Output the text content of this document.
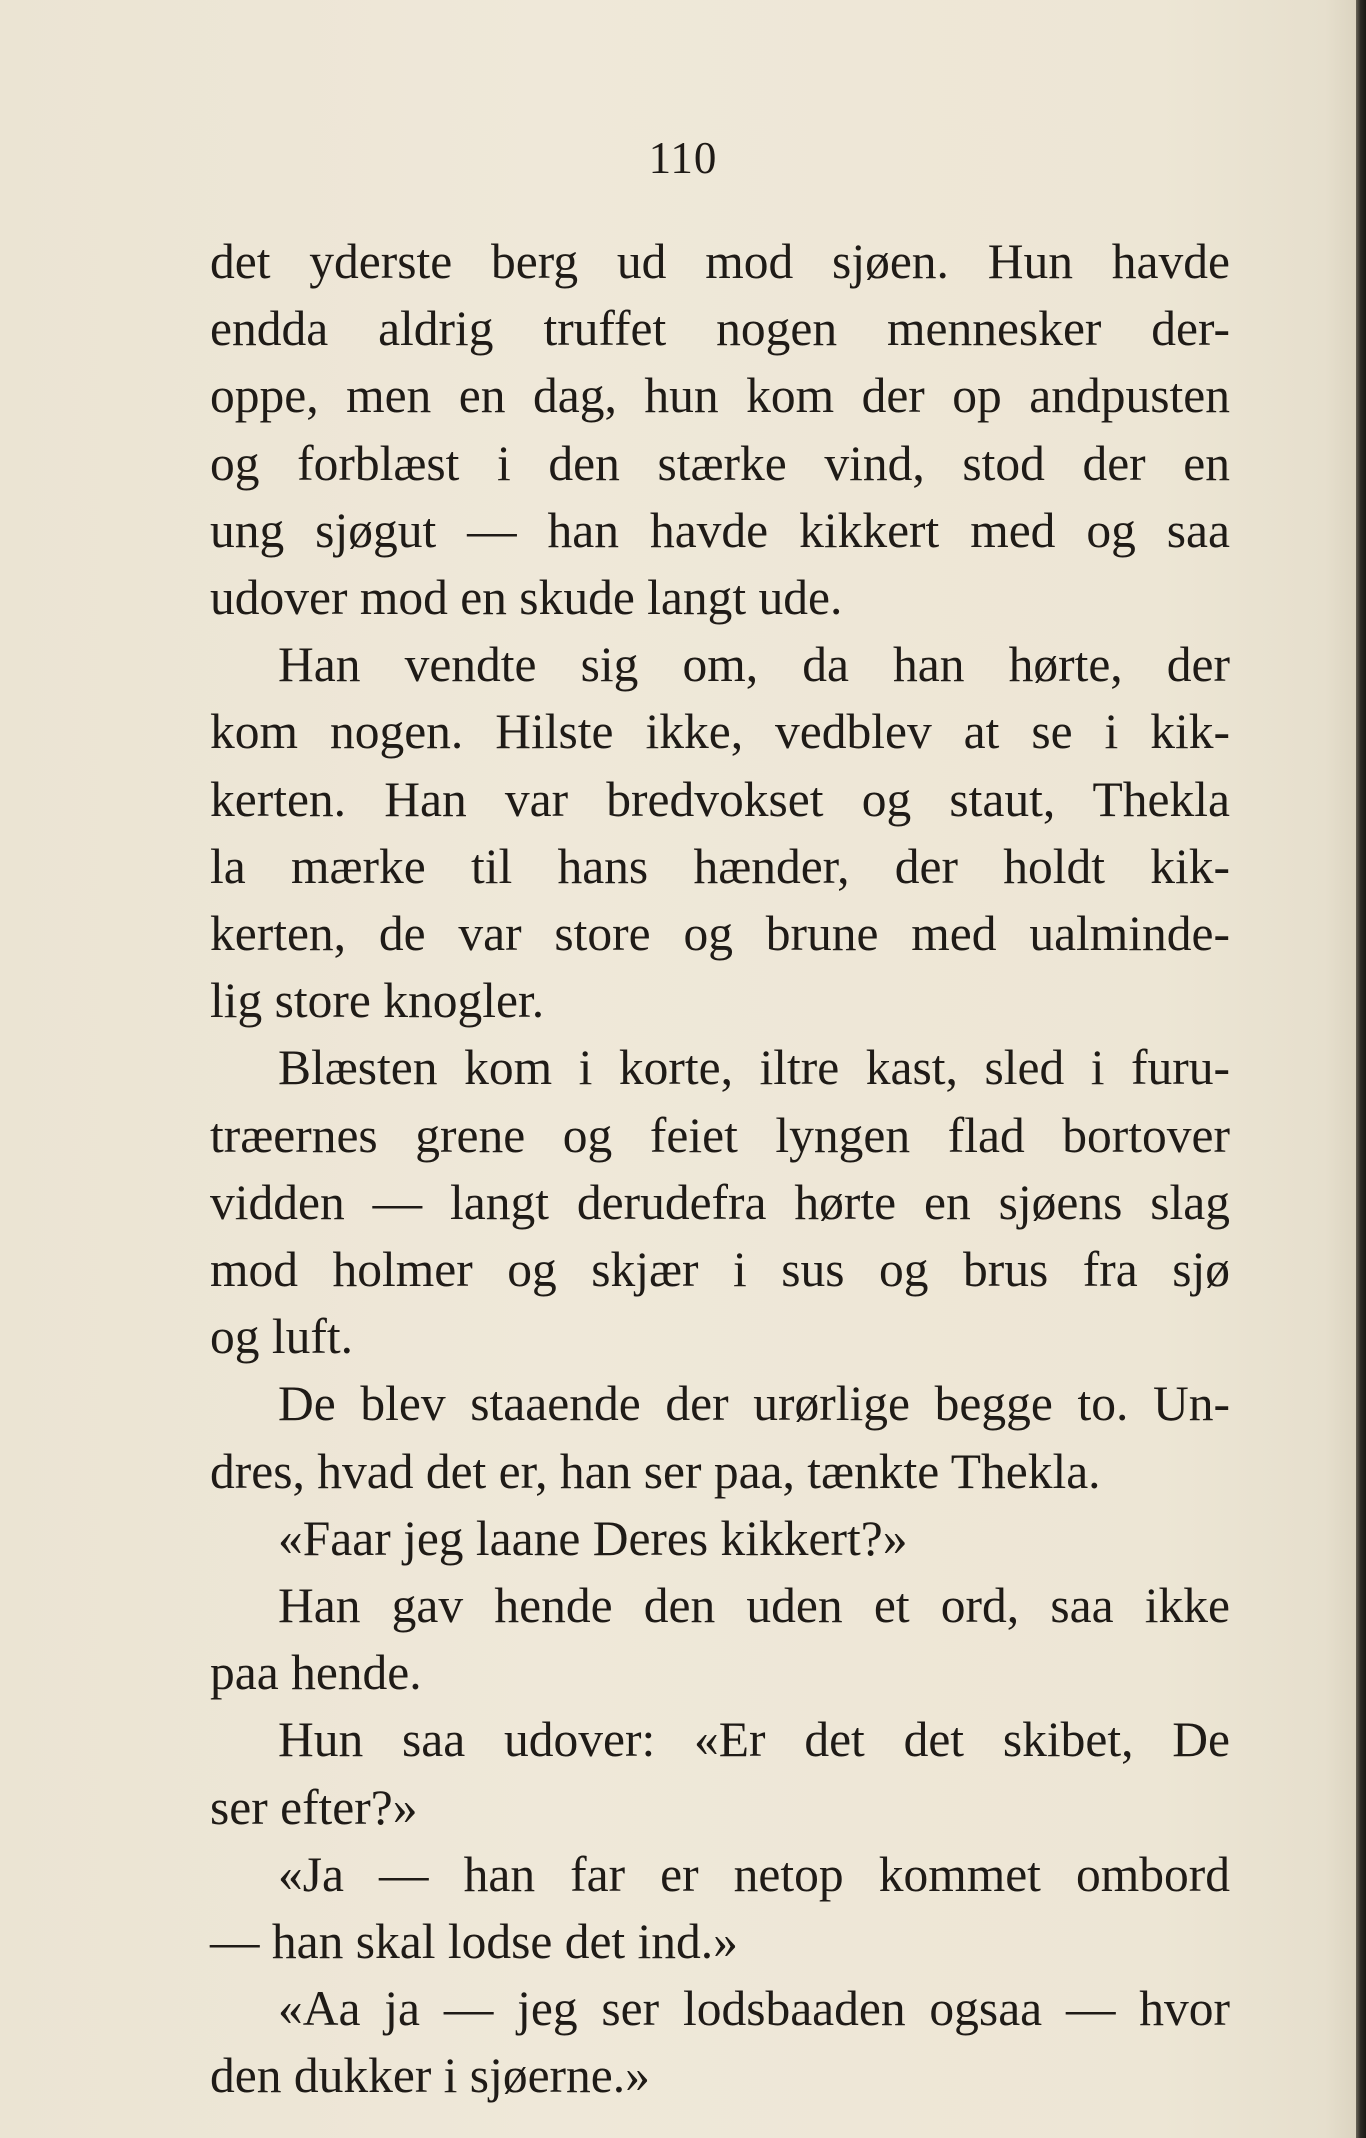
110
det yderste berg ud mod sjøen. Hun havde
endda aldrig truffet nogen mennesker der-
oppe, men en dag, hun kom der op andpusten
og forblæst i den stærke vind, stod der en
ung sjøgut — han havde kikkert med og saa
udover mod en skude langt ude.
Han vendte sig om, da han hørte, der
kom nogen. Hilste ikke, vedblev at se i kik-
kerten. Han var bredvokset og staut, Thekla
la mærke til hans hænder, der holdt kik-
kerten, de var store og brune med ualminde-
lig store knogler.
Blæsten kom i korte, iltre kast, sled i furu-
træernes grene og feiet lyngen flad bortover
vidden — langt derudefra hørte en sjøens slag
mod holmer og skjær i sus og brus fra sjø
og luft.
De blev staaende der urørlige begge to. Un-
dres, hvad det er, han ser paa, tænkte Thekla.
«Faar jeg laane Deres kikkert?»
Han gav hende den uden et ord, saa ikke
paa hende.
Hun saa udover: «Er det det skibet, De
ser efter?»
«Ja — han far er netop kommet ombord
— han skal lodse det ind.»
«Aa ja — jeg ser lodsbaaden ogsaa — hvor
den dukker i sjøerne.»
